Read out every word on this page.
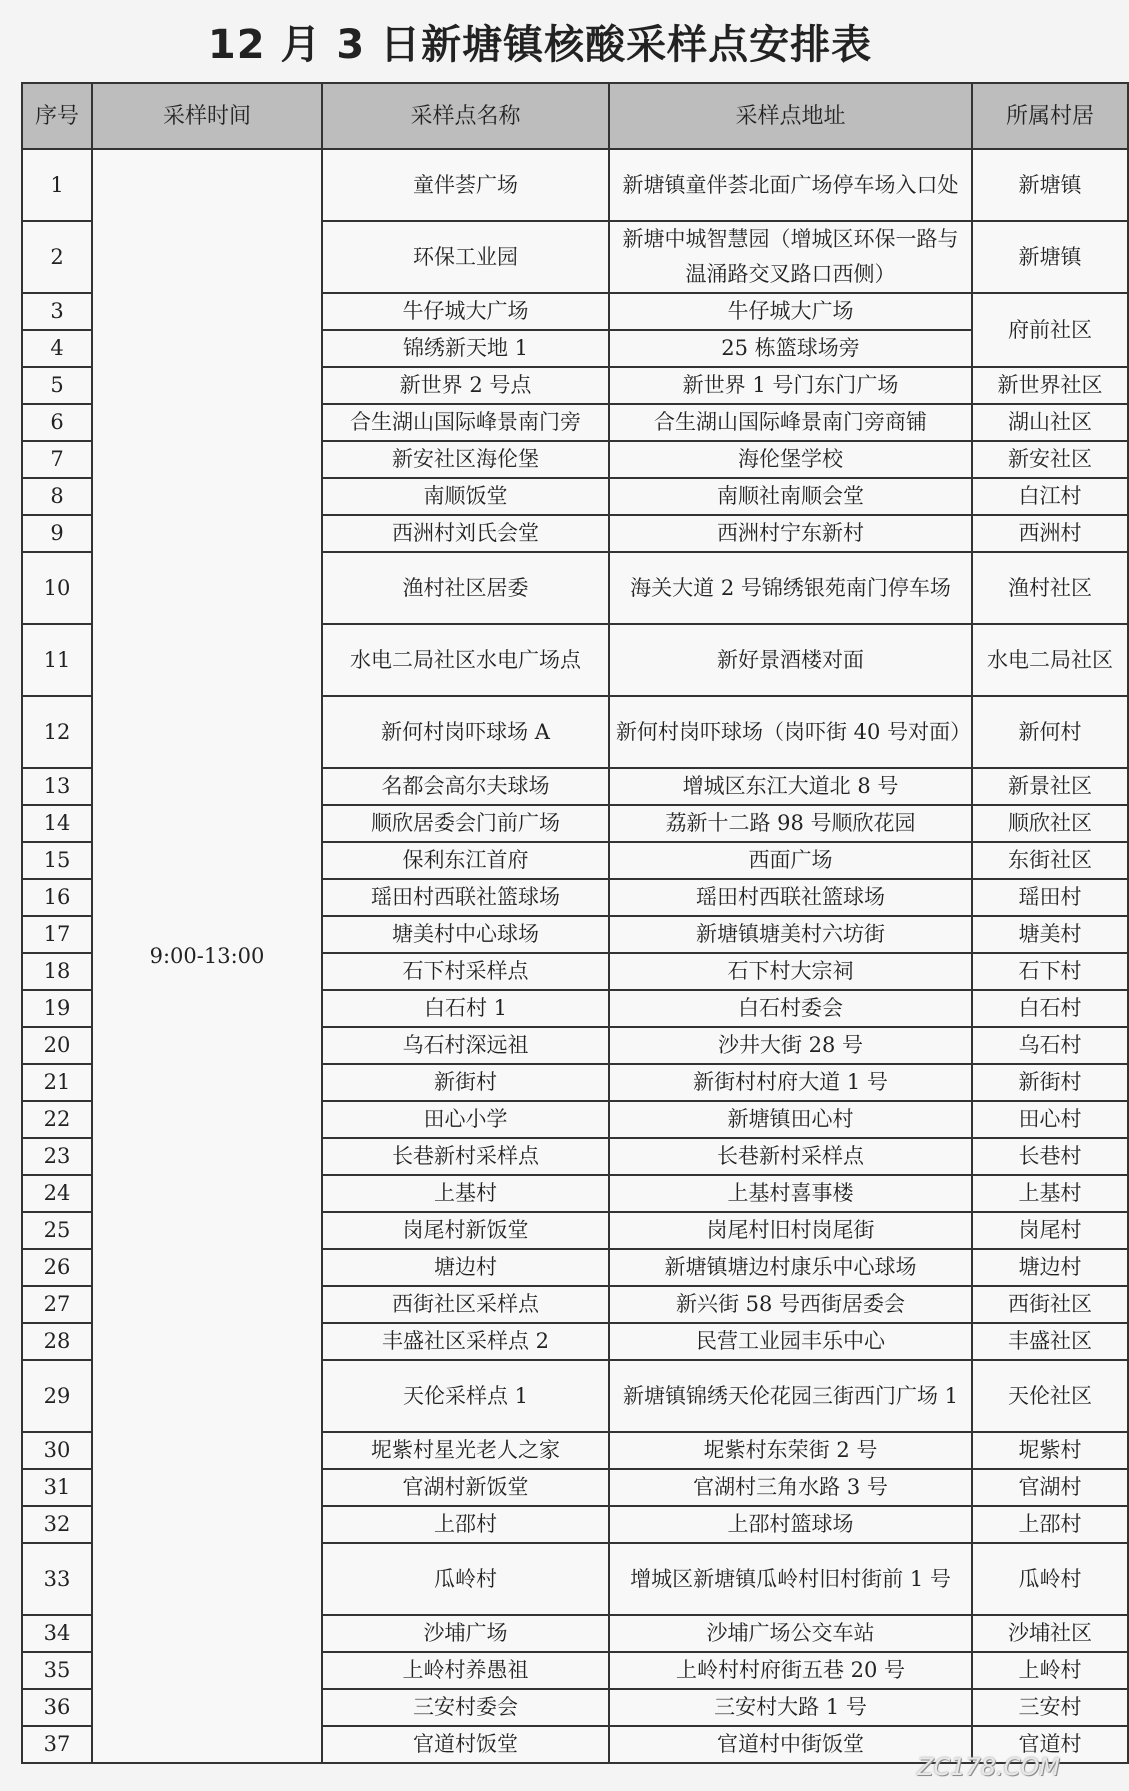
12 月 3 日新塘镇核酸采样点安排表
序号	采样时间	采样点名称	采样点地址	所属村居
1	9:00-13:00	童伴荟广场	新塘镇童伴荟北面广场停车场入口处	新塘镇
2		环保工业园	新塘中城智慧园（增城区环保一路与温涌路交叉路口西侧）	新塘镇
3		牛仔城大广场	牛仔城大广场	府前社区
4		锦绣新天地 1	25 栋篮球场旁	
5		新世界 2 号点	新世界 1 号门东门广场	新世界社区
6		合生湖山国际峰景南门旁	合生湖山国际峰景南门旁商铺	湖山社区
7		新安社区海伦堡	海伦堡学校	新安社区
8		南顺饭堂	南顺社南顺会堂	白江村
9		西洲村刘氏会堂	西洲村宁东新村	西洲村
10		渔村社区居委	海关大道 2 号锦绣银苑南门停车场	渔村社区
11		水电二局社区水电广场点	新好景酒楼对面	水电二局社区
12		新何村岗吓球场 A	新何村岗吓球场（岗吓街 40 号对面）	新何村
13		名都会高尔夫球场	增城区东江大道北 8 号	新景社区
14		顺欣居委会门前广场	荔新十二路 98 号顺欣花园	顺欣社区
15		保利东江首府	西面广场	东街社区
16		瑶田村西联社篮球场	瑶田村西联社篮球场	瑶田村
17		塘美村中心球场	新塘镇塘美村六坊街	塘美村
18		石下村采样点	石下村大宗祠	石下村
19		白石村 1	白石村委会	白石村
20		乌石村深远祖	沙井大街 28 号	乌石村
21		新街村	新街村村府大道 1 号	新街村
22		田心小学	新塘镇田心村	田心村
23		长巷新村采样点	长巷新村采样点	长巷村
24		上基村	上基村喜事楼	上基村
25		岗尾村新饭堂	岗尾村旧村岗尾街	岗尾村
26		塘边村	新塘镇塘边村康乐中心球场	塘边村
27		西街社区采样点	新兴街 58 号西街居委会	西街社区
28		丰盛社区采样点 2	民营工业园丰乐中心	丰盛社区
29		天伦采样点 1	新塘镇锦绣天伦花园三街西门广场 1	天伦社区
30		坭紫村星光老人之家	坭紫村东荣街 2 号	坭紫村
31		官湖村新饭堂	官湖村三角水路 3 号	官湖村
32		上邵村	上邵村篮球场	上邵村
33		瓜岭村	增城区新塘镇瓜岭村旧村街前 1 号	瓜岭村
34		沙埔广场	沙埔广场公交车站	沙埔社区
35		上岭村养愚祖	上岭村村府街五巷 20 号	上岭村
36		三安村委会	三安村大路 1 号	三安村
37		官道村饭堂	官道村中街饭堂	官道村
ZC178.COM
